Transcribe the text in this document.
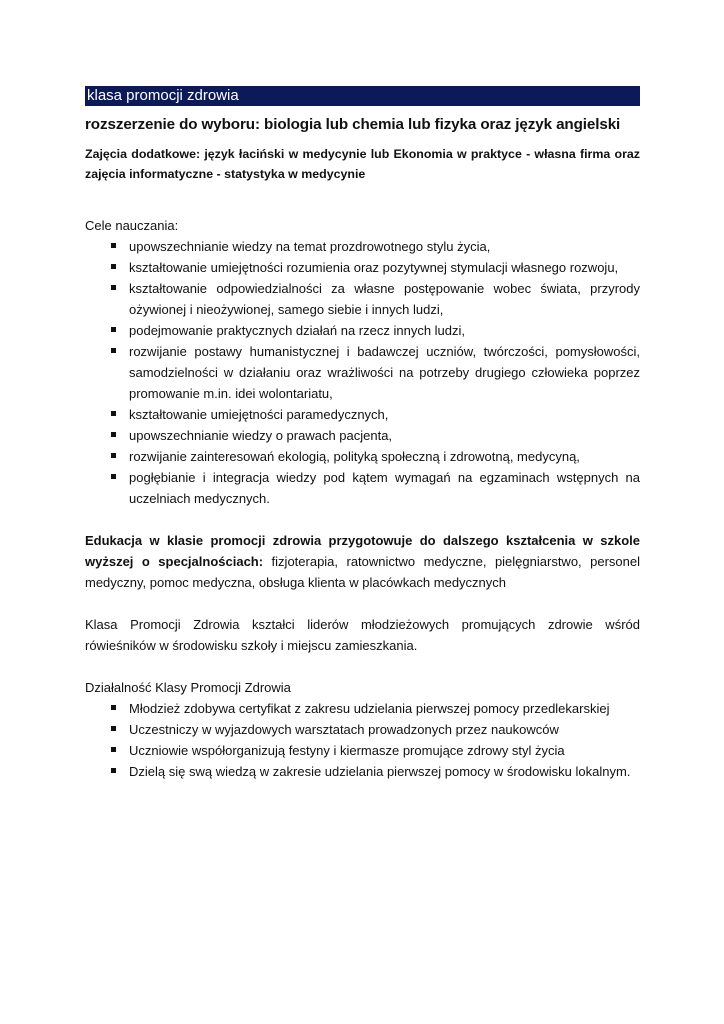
klasa promocji zdrowia
rozszerzenie do wyboru: biologia lub chemia lub fizyka oraz język angielski
Zajęcia dodatkowe: język łaciński w medycynie lub Ekonomia w praktyce - własna firma oraz zajęcia informatyczne - statystyka w medycynie
Cele nauczania:
upowszechnianie wiedzy na temat prozdrowotnego stylu życia,
kształtowanie umiejętności rozumienia oraz pozytywnej stymulacji własnego rozwoju,
kształtowanie odpowiedzialności za własne postępowanie wobec świata, przyrody ożywionej i nieożywionej, samego siebie i innych ludzi,
podejmowanie praktycznych działań na rzecz innych ludzi,
rozwijanie postawy humanistycznej i badawczej uczniów, twórczości, pomysłowości, samodzielności w działaniu oraz wrażliwości na potrzeby drugiego człowieka poprzez promowanie m.in. idei wolontariatu,
kształtowanie umiejętności paramedycznych,
upowszechnianie wiedzy o prawach pacjenta,
rozwijanie zainteresowań ekologią, polityką społeczną i zdrowotną, medycyną,
pogłębianie i integracja wiedzy pod kątem wymagań na egzaminach wstępnych na uczelniach medycznych.
Edukacja w klasie promocji zdrowia przygotowuje do dalszego kształcenia w szkole wyższej o specjalnościach: fizjoterapia, ratownictwo medyczne, pielęgniarstwo, personel medyczny, pomoc medyczna, obsługa klienta w placówkach medycznych
Klasa Promocji Zdrowia kształci liderów młodzieżowych promujących zdrowie wśród rówieśników w środowisku szkoły i miejscu zamieszkania.
Działalność Klasy Promocji Zdrowia
Młodzież zdobywa certyfikat z zakresu udzielania pierwszej pomocy przedlekarskiej
Uczestniczy w wyjazdowych warsztatach prowadzonych przez naukowców
Uczniowie współorganizują festyny i kiermasze promujące zdrowy styl życia
Dzielą się swą wiedzą w zakresie udzielania pierwszej pomocy w środowisku lokalnym.
